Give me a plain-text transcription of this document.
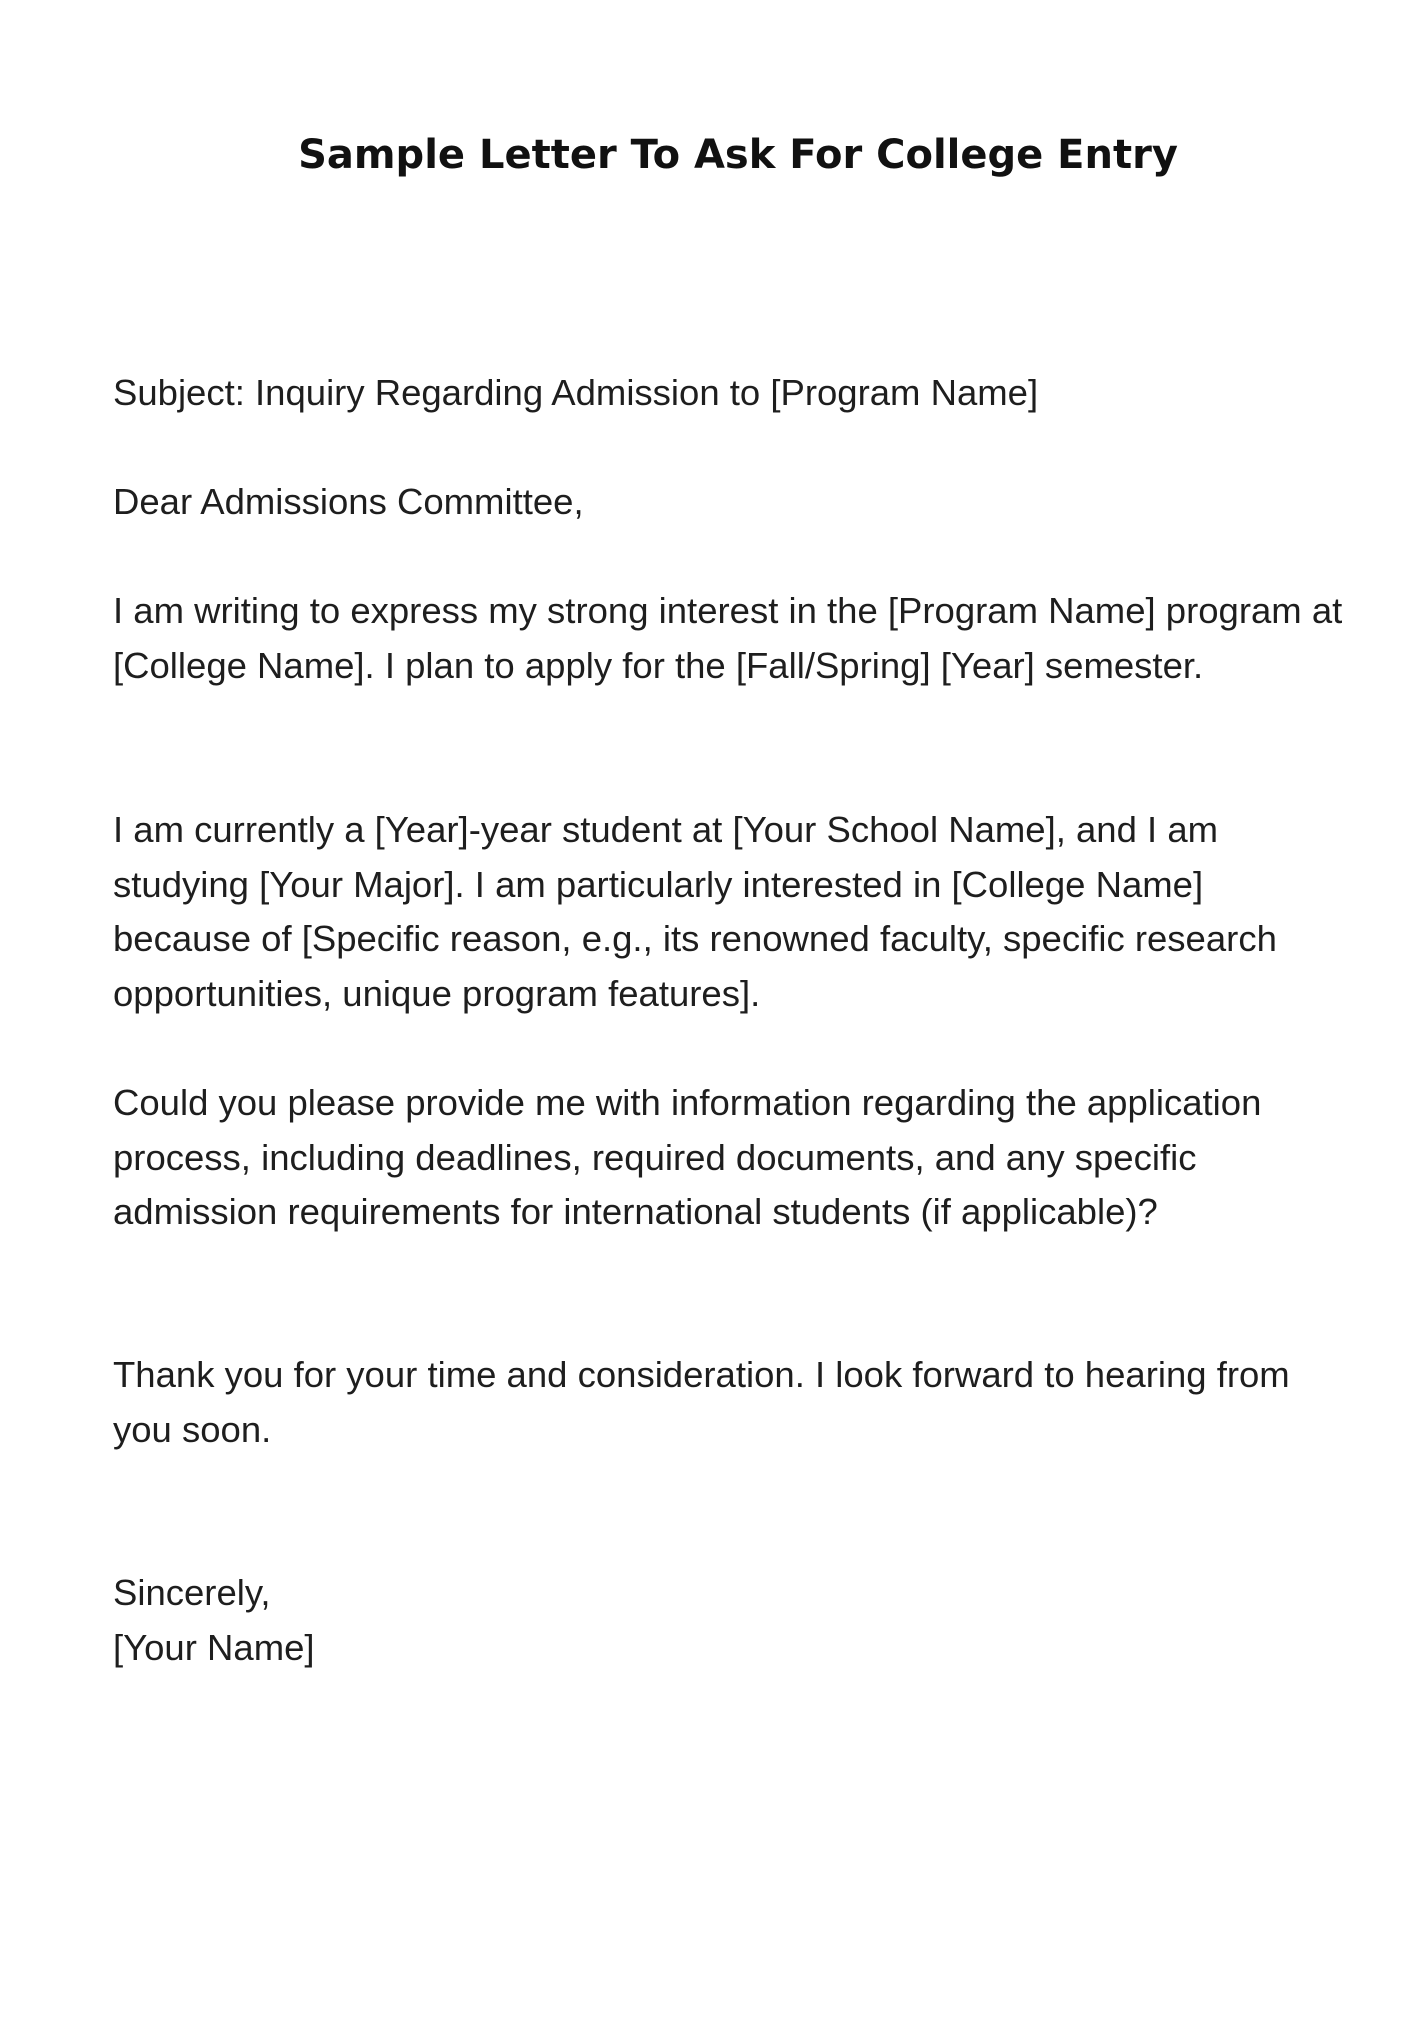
Sample Letter To Ask For College Entry

Subject: Inquiry Regarding Admission to [Program Name]

Dear Admissions Committee,

I am writing to express my strong interest in the [Program Name] program at [College Name]. I plan to apply for the [Fall/Spring] [Year] semester.

I am currently a [Year]-year student at [Your School Name], and I am studying [Your Major]. I am particularly interested in [College Name] because of [Specific reason, e.g., its renowned faculty, specific research opportunities, unique program features].

Could you please provide me with information regarding the application process, including deadlines, required documents, and any specific admission requirements for international students (if applicable)?

Thank you for your time and consideration. I look forward to hearing from you soon.

Sincerely,

[Your Name]
